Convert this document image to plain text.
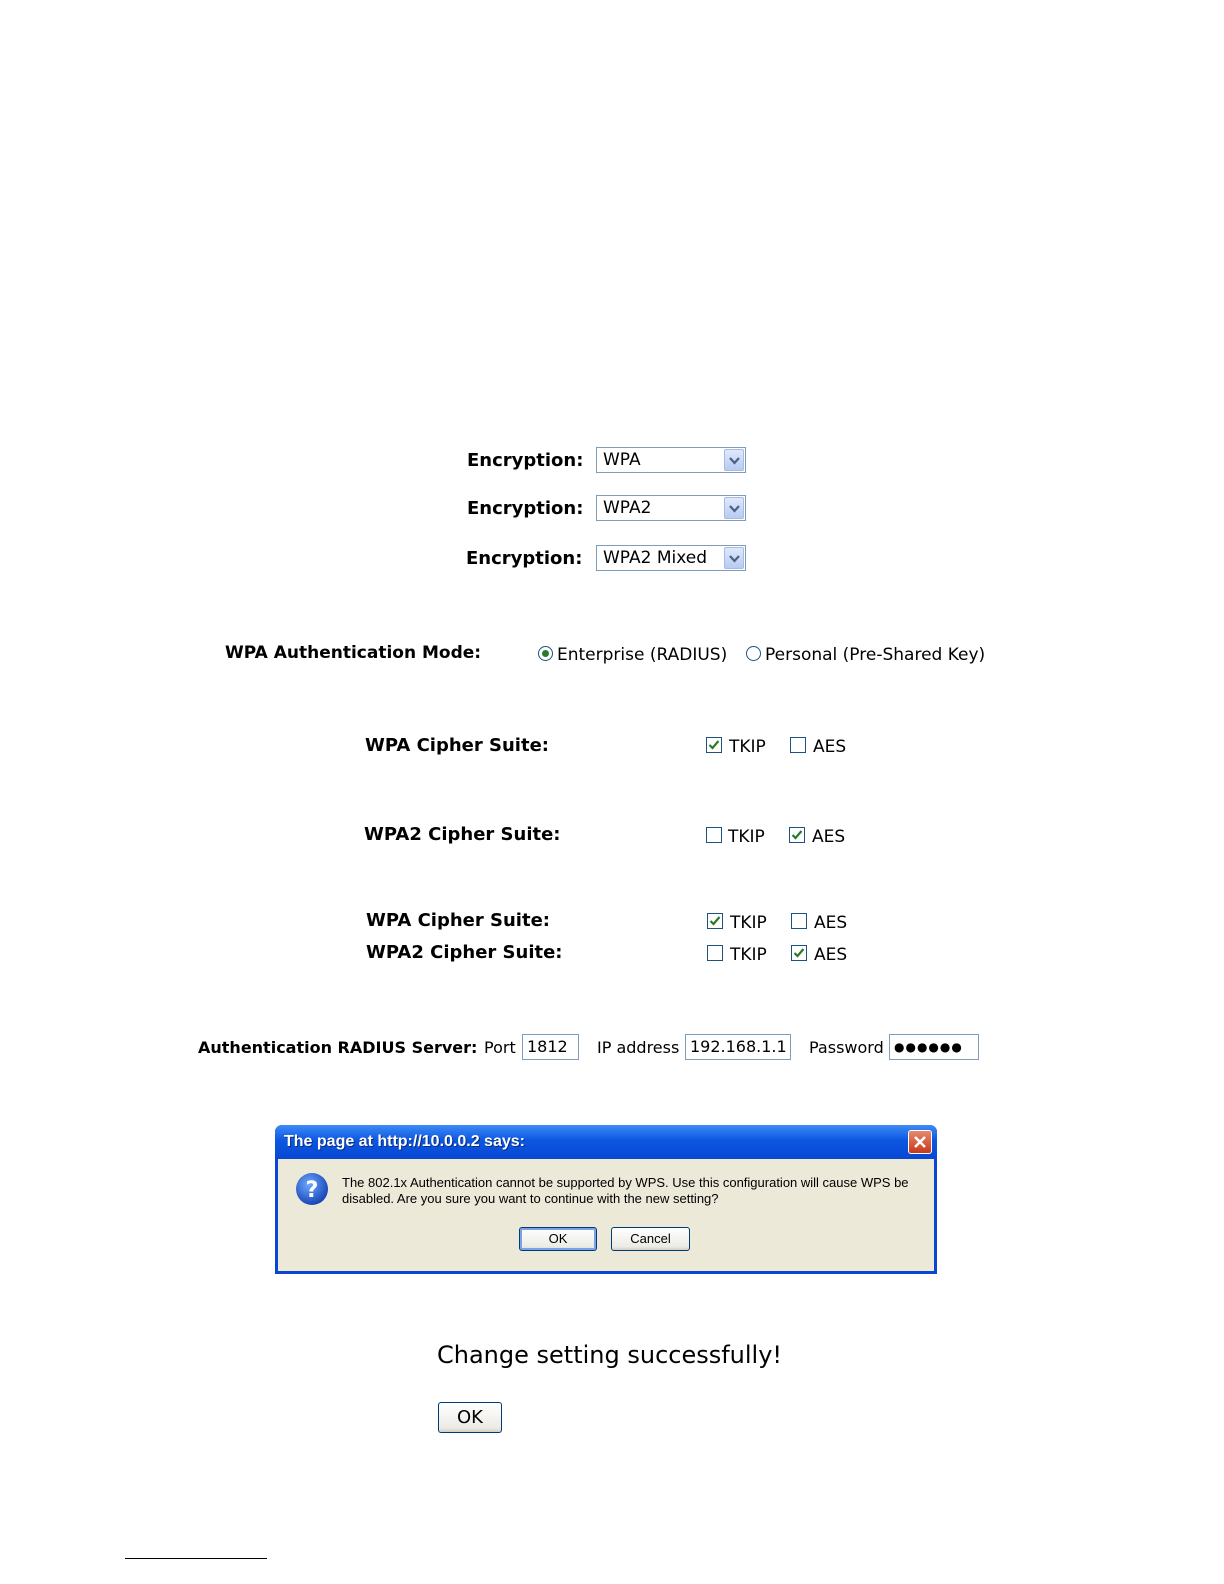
Encryption:	WPA
Encryption:	WPA2
Encryption:	WPA2 Mixed
WPA Authentication Mode:	Enterprise (RADIUS) Personal (Pre-Shared Key)
WPA Cipher Suite:	TKIP	AES
WPA2 Cipher Suite:	TKIP	AES
WPA Cipher Suite:	TKIP	AES
WPA2 Cipher Suite:	TKIP	AES
Authentication RADIUS Server: Port 1812	IP address 192.168.1.1 Password ●●●●●●
The page at http://10.0.0.2 says:
? The 802.1x Authentication cannot be supported by WPS. Use this configuration will cause WPS be disabled. Are you sure you want to continue with the new setting?
OK	Cancel
Change setting successfully!
OK
